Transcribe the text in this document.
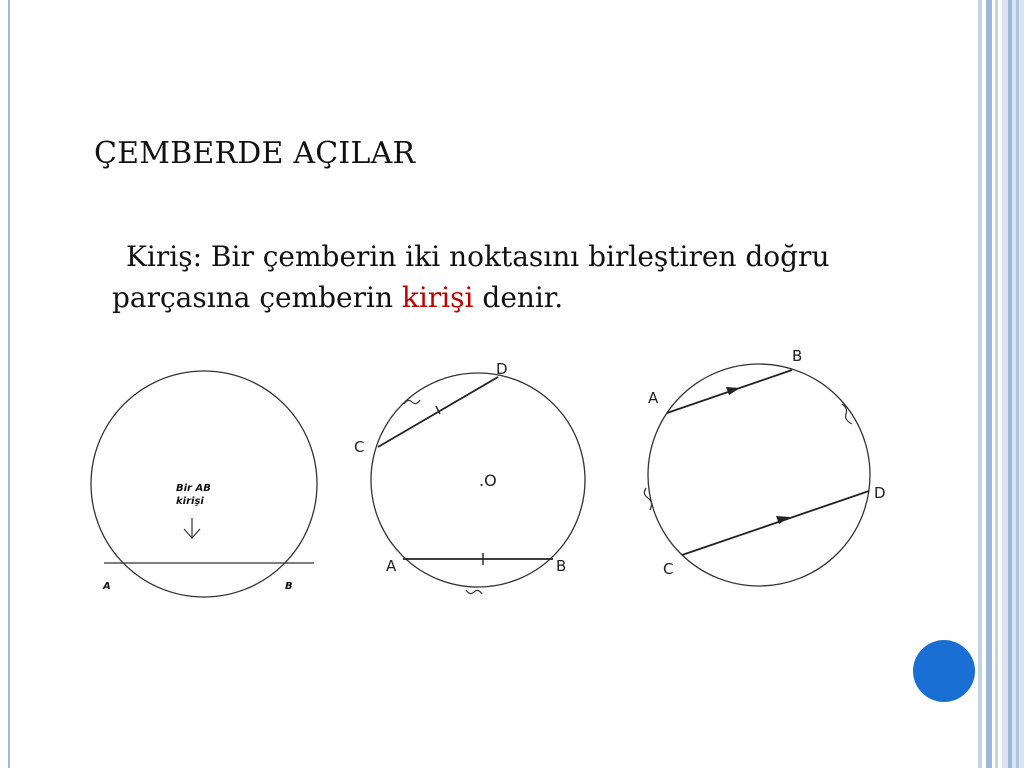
ÇEMBERDE AÇILAR
Kiriş: Bir çemberin iki noktasını birleştiren doğru parçasına çemberin kirişi denir.
Bir AB
kirişi
A	B
C
D
A	B
.O
A
B
C
D
